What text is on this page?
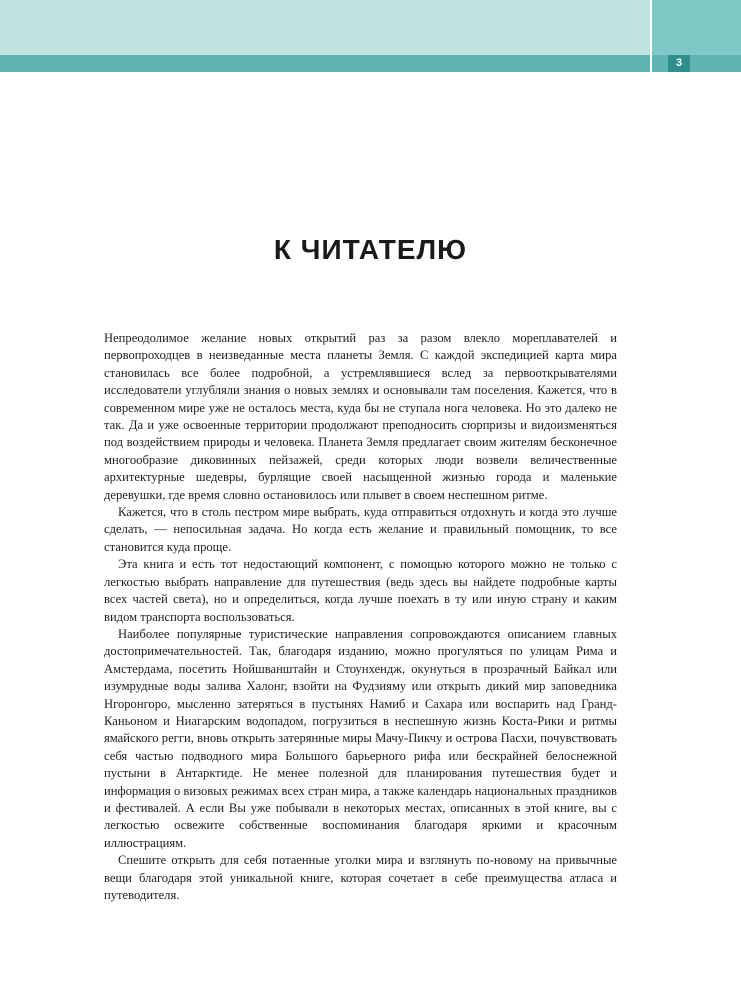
3
К ЧИТАТЕЛЮ

Непреодолимое желание новых открытий раз за разом влекло мореплавателей и первопроходцев в неизведанные места планеты Земля. С каждой экспедицией карта мира становилась все более подробной, а устремлявшиеся вслед за первооткрывателями исследователи углубляли знания о новых землях и основывали там поселения. Кажется, что в современном мире уже не осталось места, куда бы не ступала нога человека. Но это далеко не так. Да и уже освоенные территории продолжают преподносить сюрпризы и видоизменяться под воздействием природы и человека. Планета Земля предлагает своим жителям бесконечное многообразие диковинных пейзажей, среди которых люди возвели величественные архитектурные шедевры, бурлящие своей насыщенной жизнью города и маленькие деревушки, где время словно остановилось или плывет в своем неспешном ритме.

Кажется, что в столь пестром мире выбрать, куда отправиться отдохнуть и когда это лучше сделать, — непосильная задача. Но когда есть желание и правильный помощник, то все становится куда проще.

Эта книга и есть тот недостающий компонент, с помощью которого можно не только с легкостью выбрать направление для путешествия (ведь здесь вы найдете подробные карты всех частей света), но и определиться, когда лучше поехать в ту или иную страну и каким видом транспорта воспользоваться.

Наиболее популярные туристические направления сопровождаются описанием главных достопримечательностей. Так, благодаря изданию, можно прогуляться по улицам Рима и Амстердама, посетить Нойшванштайн и Стоунхендж, окунуться в прозрачный Байкал или изумрудные воды залива Халонг, взойти на Фудзияму или открыть дикий мир заповедника Нгоронгоро, мысленно затеряться в пустынях Намиб и Сахара или воспарить над Гранд-Каньоном и Ниагарским водопадом, погрузиться в неспешную жизнь Коста-Рики и ритмы ямайского регги, вновь открыть затерянные миры Мачу-Пикчу и острова Пасхи, почувствовать себя частью подводного мира Большого барьерного рифа или бескрайней белоснежной пустыни в Антарктиде. Не менее полезной для планирования путешествия будет и информация о визовых режимах всех стран мира, а также календарь национальных праздников и фестивалей. А если Вы уже побывали в некоторых местах, описанных в этой книге, вы с легкостью освежите собственные воспоминания благодаря яркими и красочным иллюстрациям.

Спешите открыть для себя потаенные уголки мира и взглянуть по-новому на привычные вещи благодаря этой уникальной книге, которая сочетает в себе преимущества атласа и путеводителя.
